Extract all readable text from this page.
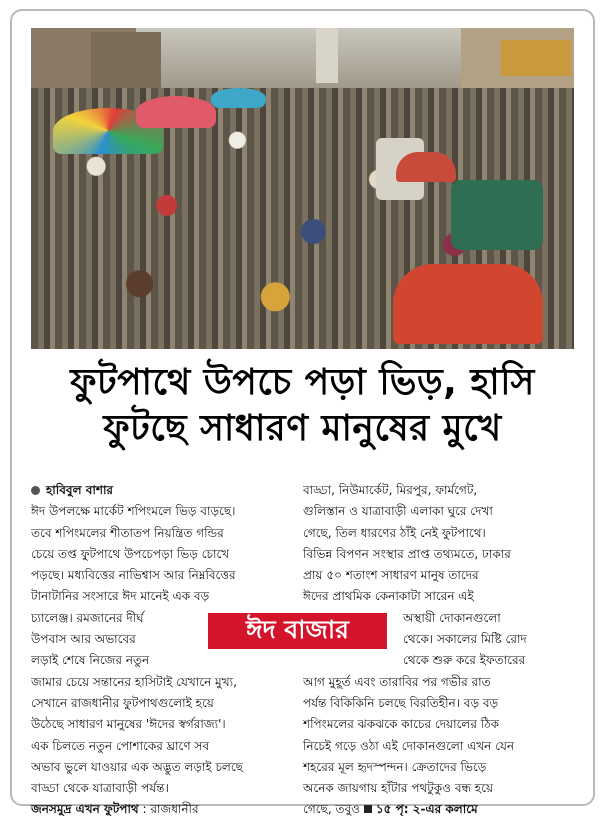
ফুটপাথে উপচে পড়া ভিড়, হাসি
ফুটছে সাধারণ মানুষের মুখে
হাবিবুল বাশার
ঈদ উপলক্ষে মার্কেট শপিংমলে ভিড় বাড়ছে।
তবে শপিংমলের শীতাতপ নিয়ন্ত্রিত গন্ডির
চেয়ে তপ্ত ফুটপাথে উপচেপড়া ভিড় চোখে
পড়ছে। মধ্যবিত্তের নাভিশ্বাস আর নিম্নবিত্তের
টানাটানির সংসারে ঈদ মানেই এক বড়
চ্যালেঞ্জ। রমজানের দীর্ঘ
উপবাস আর অভাবের
লড়াই শেষে নিজের নতুন
জামার চেয়ে সন্তানের হাসিটাই যেখানে মুখ্য,
সেখানে রাজধানীর ফুটপাথগুলোই হয়ে
উঠেছে সাধারণ মানুষের 'ঈদের স্বর্গরাজ্য'।
এক চিলতে নতুন পোশাকের ঘ্রাণে সব
অভাব ভুলে যাওয়ার এক অদ্ভুত লড়াই চলছে
বাড্ডা থেকে যাত্রাবাড়ী পর্যন্ত।
জনসমুদ্র এখন ফুটপাথ : রাজধানীর
বাড্ডা, নিউমার্কেট, মিরপুর, ফার্মগেট,
গুলিস্তান ও যাত্রাবাড়ী এলাকা ঘুরে দেখা
গেছে, তিল ধারণের ঠাঁই নেই ফুটপাথে।
বিভিন্ন বিপণন সংস্থার প্রাপ্ত তথ্যমতে, ঢাকার
প্রায় ৫০ শতাংশ সাধারণ মানুষ তাদের
ঈদের প্রাথমিক কেনাকাটা সারেন এই
অস্থায়ী দোকানগুলো
থেকে। সকালের মিষ্টি রোদ
থেকে শুরু করে ইফতারের
আগ মুহূর্ত এবং তারাবির পর গভীর রাত
পর্যন্ত বিকিকিনি চলছে বিরতিহীন। বড় বড়
শপিংমলের ঝকঝকে কাচের দেয়ালের ঠিক
নিচেই গড়ে ওঠা এই দোকানগুলো এখন যেন
শহরের মূল হৃদস্পন্দন। ক্রেতাদের ভিড়ে
অনেক জায়গায় হাঁটার পথটুকুও বন্ধ হয়ে
গেছে, তবুও ১৫ পৃ: ২-এর কলামে
ঈদ বাজার
